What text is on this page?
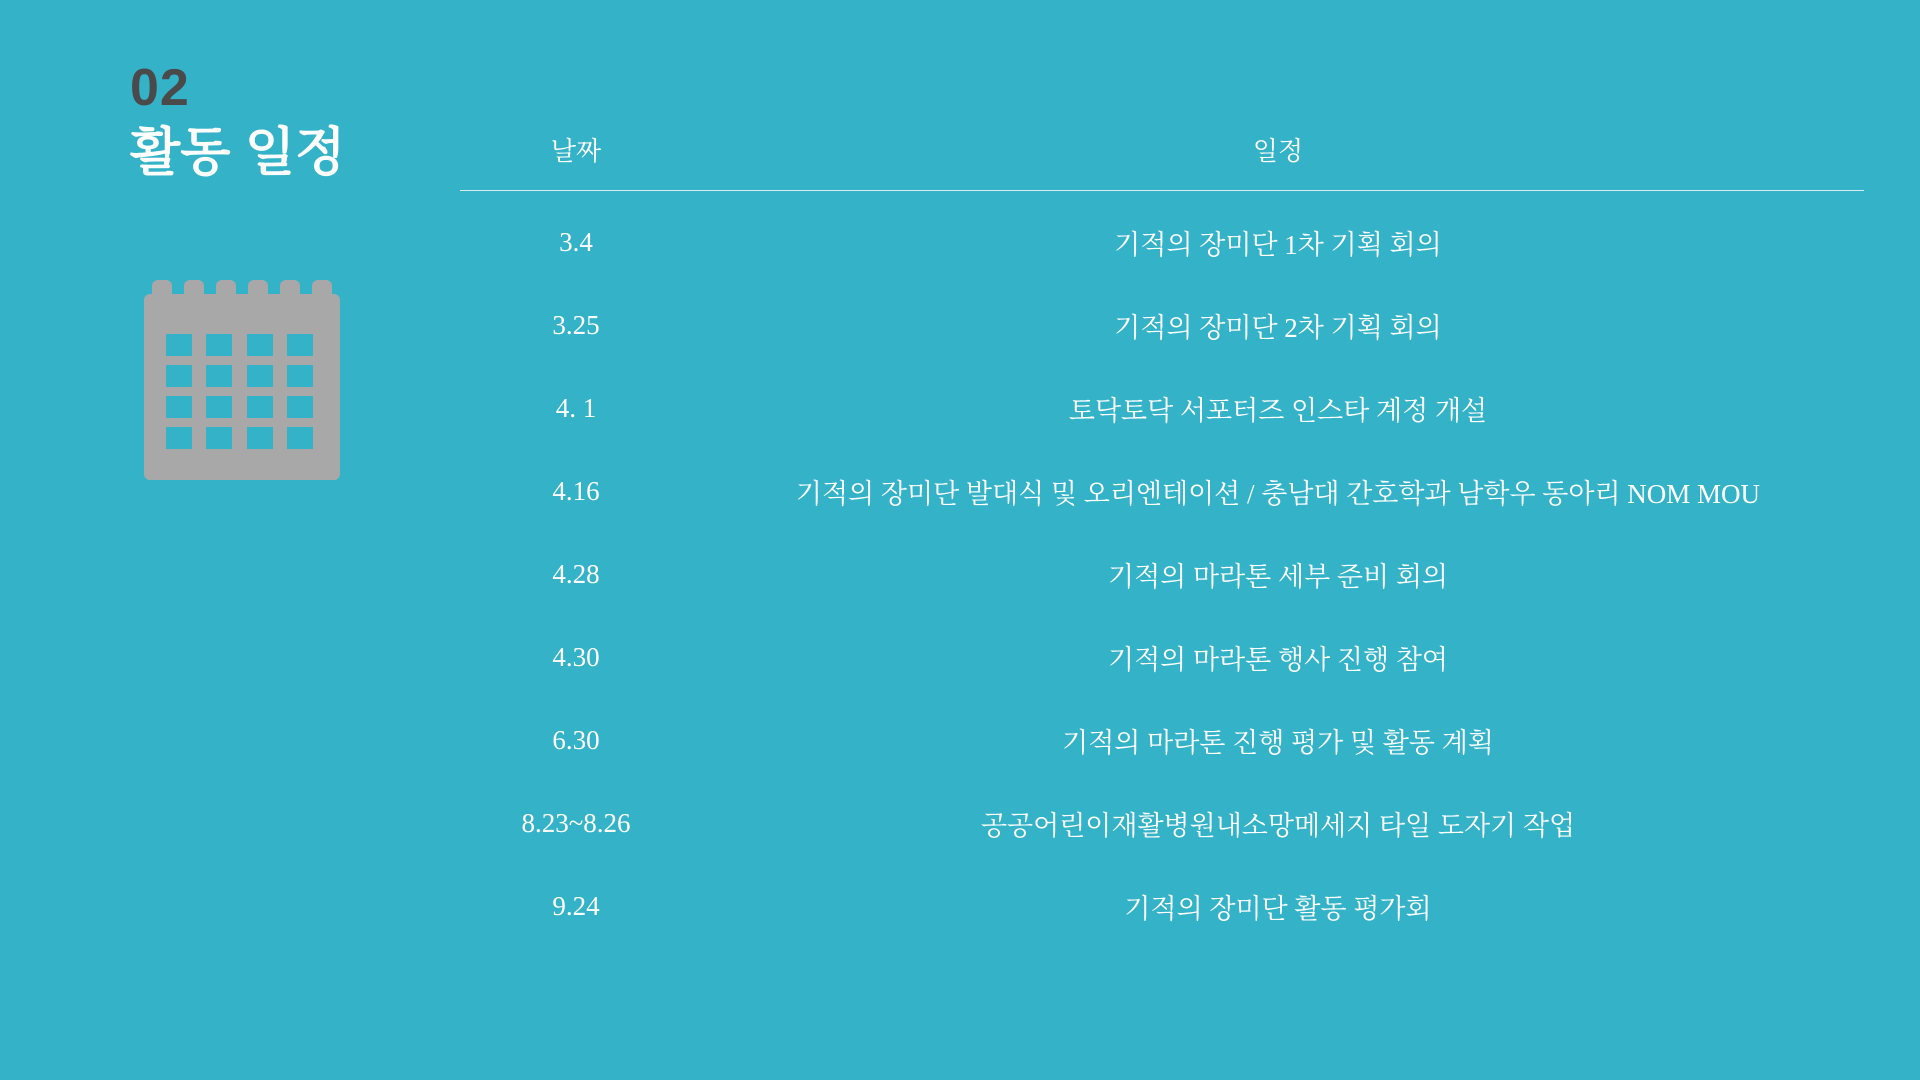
02
활동 일정	날짜	일정
3.4	기적의 장미단 1차 기획 회의
3.25	기적의 장미단 2차 기획 회의
4. 1	토닥토닥 서포터즈 인스타 계정 개설
4.16	기적의 장미단 발대식 및 오리엔테이션 / 충남대 간호학과 남학우 동아리 NOM MOU
4.28	기적의 마라톤 세부 준비 회의
4.30	기적의 마라톤 행사 진행 참여
6.30	기적의 마라톤 진행 평가 및 활동 계획
8.23~8.26	공공어린이재활병원내소망메세지 타일 도자기 작업
9.24	기적의 장미단 활동 평가회
